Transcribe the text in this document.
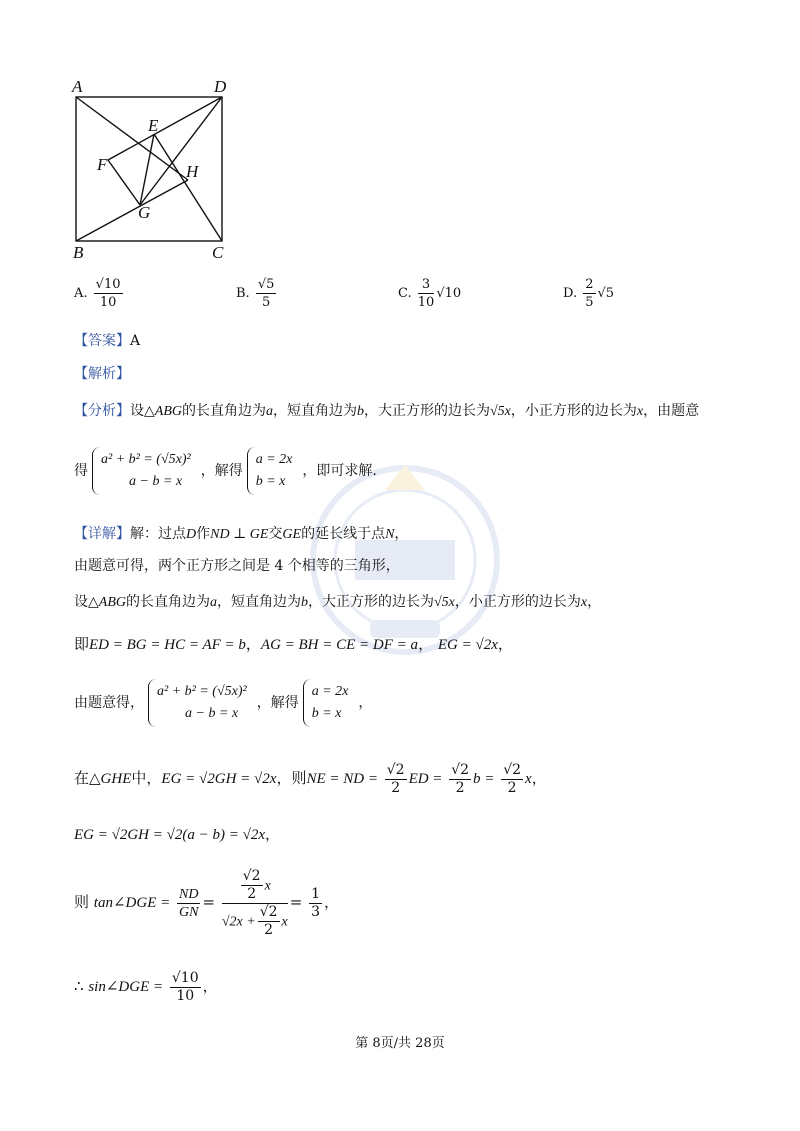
A	D
E
F	H
G
B	C
A. $\frac{√10}{10}$	B. $\frac{√5}{5}$	C. $\frac{3}{10} √10$	D. $\frac{2}{5} √5$
【答案】A
【解析】
【分析】设△ABG的长直角边为a，短直角边为b，大正方形的边长为√5x，小正方形的边长为x，由题意
得
a² + b² = (√5x)²
a − b = x
，解得
a = 2x
b = x
，即可求解.
【详解】解：过点D作ND ⊥ GE交GE的延长线于点N，
由题意可得，两个正方形之间是 4 个相等的三角形，
设△ABG的长直角边为a，短直角边为b，大正方形的边长为√5x，小正方形的边长为x，
即ED = BG = HC = AF = b，AG = BH = CE = DF = a， EG = √2x，
由题意得，
a² + b² = (√5x)²
a − b = x
，解得
a = 2x
b = x
，
在△GHE中，EG = √2GH = √2x，则NE = ND = $\frac{√2}{2}$ ED = $\frac{√2}{2}$ $b = \frac{√2}{2}$ x，
EG = √2GH = √2(a − b) = √2x，
则 tan∠DGE = $\frac{ND}{GN} = \frac{\frac{√2}{2} x}{√2x + \frac{√2}{2} x} = \frac{1}{3}$ ，
∴ sin∠DGE = $\frac{√10}{10}$ ，
第 8页/共 28页
